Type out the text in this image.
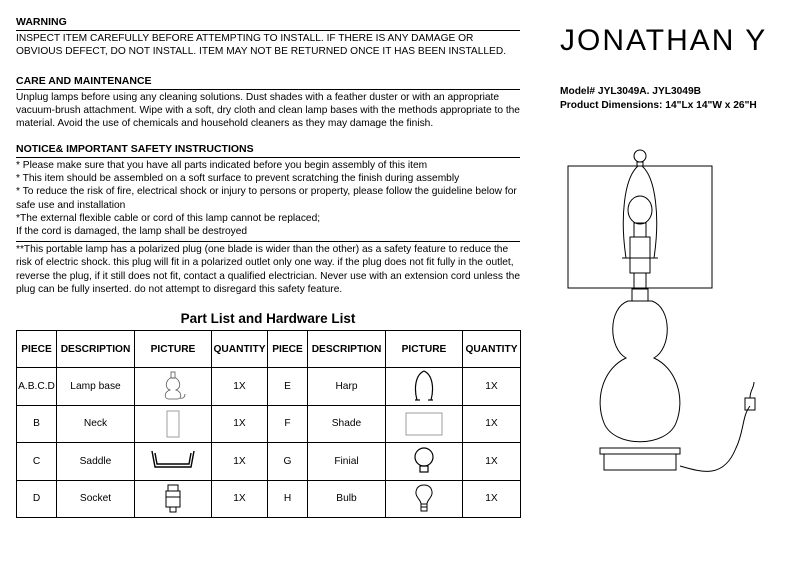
WARNING
INSPECT ITEM CAREFULLY BEFORE ATTEMPTING TO INSTALL. IF THERE IS ANY DAMAGE OR OBVIOUS DEFECT, DO NOT INSTALL. ITEM MAY NOT BE RETURNED ONCE IT HAS BEEN INSTALLED.
CARE AND MAINTENANCE
Unplug lamps before using any cleaning solutions. Dust shades with a feather duster or with an appropriate vacuum-brush attachment. Wipe with a soft, dry cloth and clean lamp bases with the methods appropriate to the material. Avoid the use of chemicals and household cleaners as they may damage the finish.
NOTICE& IMPORTANT SAFETY INSTRUCTIONS
* Please make sure that you have all parts indicated before you begin assembly of this item
* This item should be assembled on a soft surface to prevent scratching the finish during assembly
* To reduce the risk of fire, electrical shock or injury to persons or property, please follow the guideline below for safe use and installation
*The external flexible cable or cord of this lamp cannot be replaced;
If the cord is damaged, the lamp shall be destroyed
**This portable lamp has a polarized plug (one blade is wider than the other) as a safety feature to reduce the risk of electric shock. this plug will fit in a polarized outlet only one way. if the plug does not fit fully in the outlet, reverse the plug, if it still does not fit, contact a qualified electrician. Never use with an extension cord unless the plug can be fully inserted. do not attempt to disregard this safety feature.
JONATHAN Y
Model# JYL3049A. JYL3049B
Product Dimensions: 14"Lx 14"W x 26"H
Part List and Hardware List
PIECE	DESCRIPTION	PICTURE	QUANTITY	PIECE	DESCRIPTION	PICTURE	QUANTITY
A.B.C.D	Lamp base		1X	E	Harp		1X
B	Neck		1X	F	Shade		1X
C	Saddle		1X	G	Finial		1X
D	Socket		1X	H	Bulb		1X
